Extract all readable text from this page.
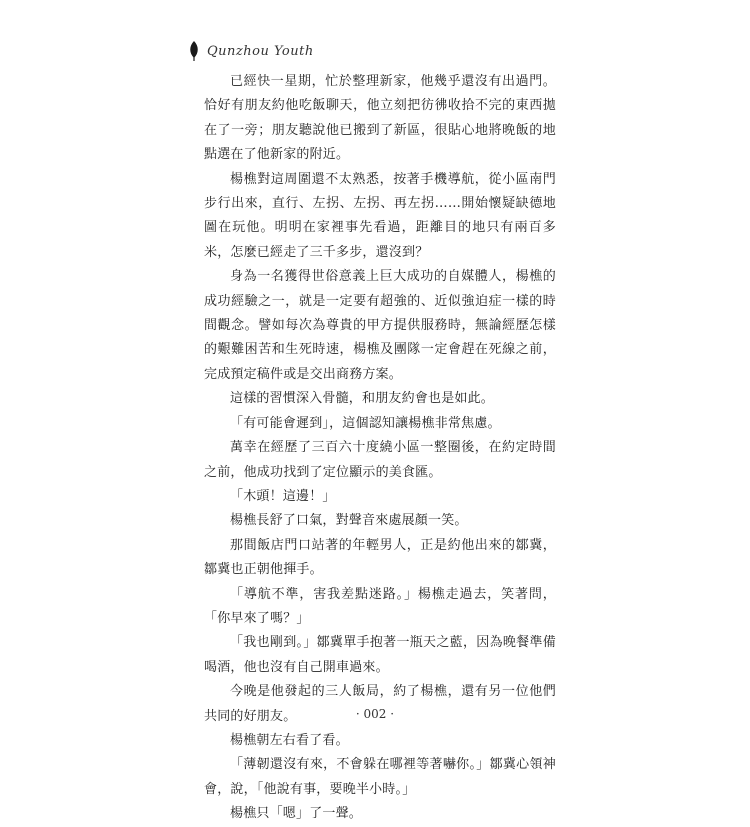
Qunzhou Youth

已經快一星期，忙於整理新家，他幾乎還沒有出過門。恰好有朋友約他吃飯聊天，他立刻把彷彿收拾不完的東西拋在了一旁；朋友聽說他已搬到了新區，很貼心地將晚飯的地點選在了他新家的附近。

楊樵對這周圍還不太熟悉，按著手機導航，從小區南門步行出來，直行、左拐、左拐、再左拐……開始懷疑缺德地圖在玩他。明明在家裡事先看過，距離目的地只有兩百多米，怎麼已經走了三千多步，還沒到？

身為一名獲得世俗意義上巨大成功的自媒體人，楊樵的成功經驗之一，就是一定要有超強的、近似強迫症一樣的時間觀念。譬如每次為尊貴的甲方提供服務時，無論經歷怎樣的艱難困苦和生死時速，楊樵及團隊一定會趕在死線之前，完成預定稿件或是交出商務方案。

這樣的習慣深入骨髓，和朋友約會也是如此。

「有可能會遲到」，這個認知讓楊樵非常焦慮。

萬幸在經歷了三百六十度繞小區一整圈後，在約定時間之前，他成功找到了定位顯示的美食匯。

「木頭！這邊！」

楊樵長舒了口氣，對聲音來處展顏一笑。

那間飯店門口站著的年輕男人，正是約他出來的鄒冀，鄒冀也正朝他揮手。

「導航不準，害我差點迷路。」楊樵走過去，笑著問，「你早來了嗎？」

「我也剛到。」鄒冀單手抱著一瓶天之藍，因為晚餐準備喝酒，他也沒有自己開車過來。

今晚是他發起的三人飯局，約了楊樵，還有另一位他們共同的好朋友。

楊樵朝左右看了看。

「薄韌還沒有來，不會躲在哪裡等著嚇你。」鄒冀心領神會，說，「他說有事，要晚半小時。」

楊樵只「嗯」了一聲。

· 002 ·
